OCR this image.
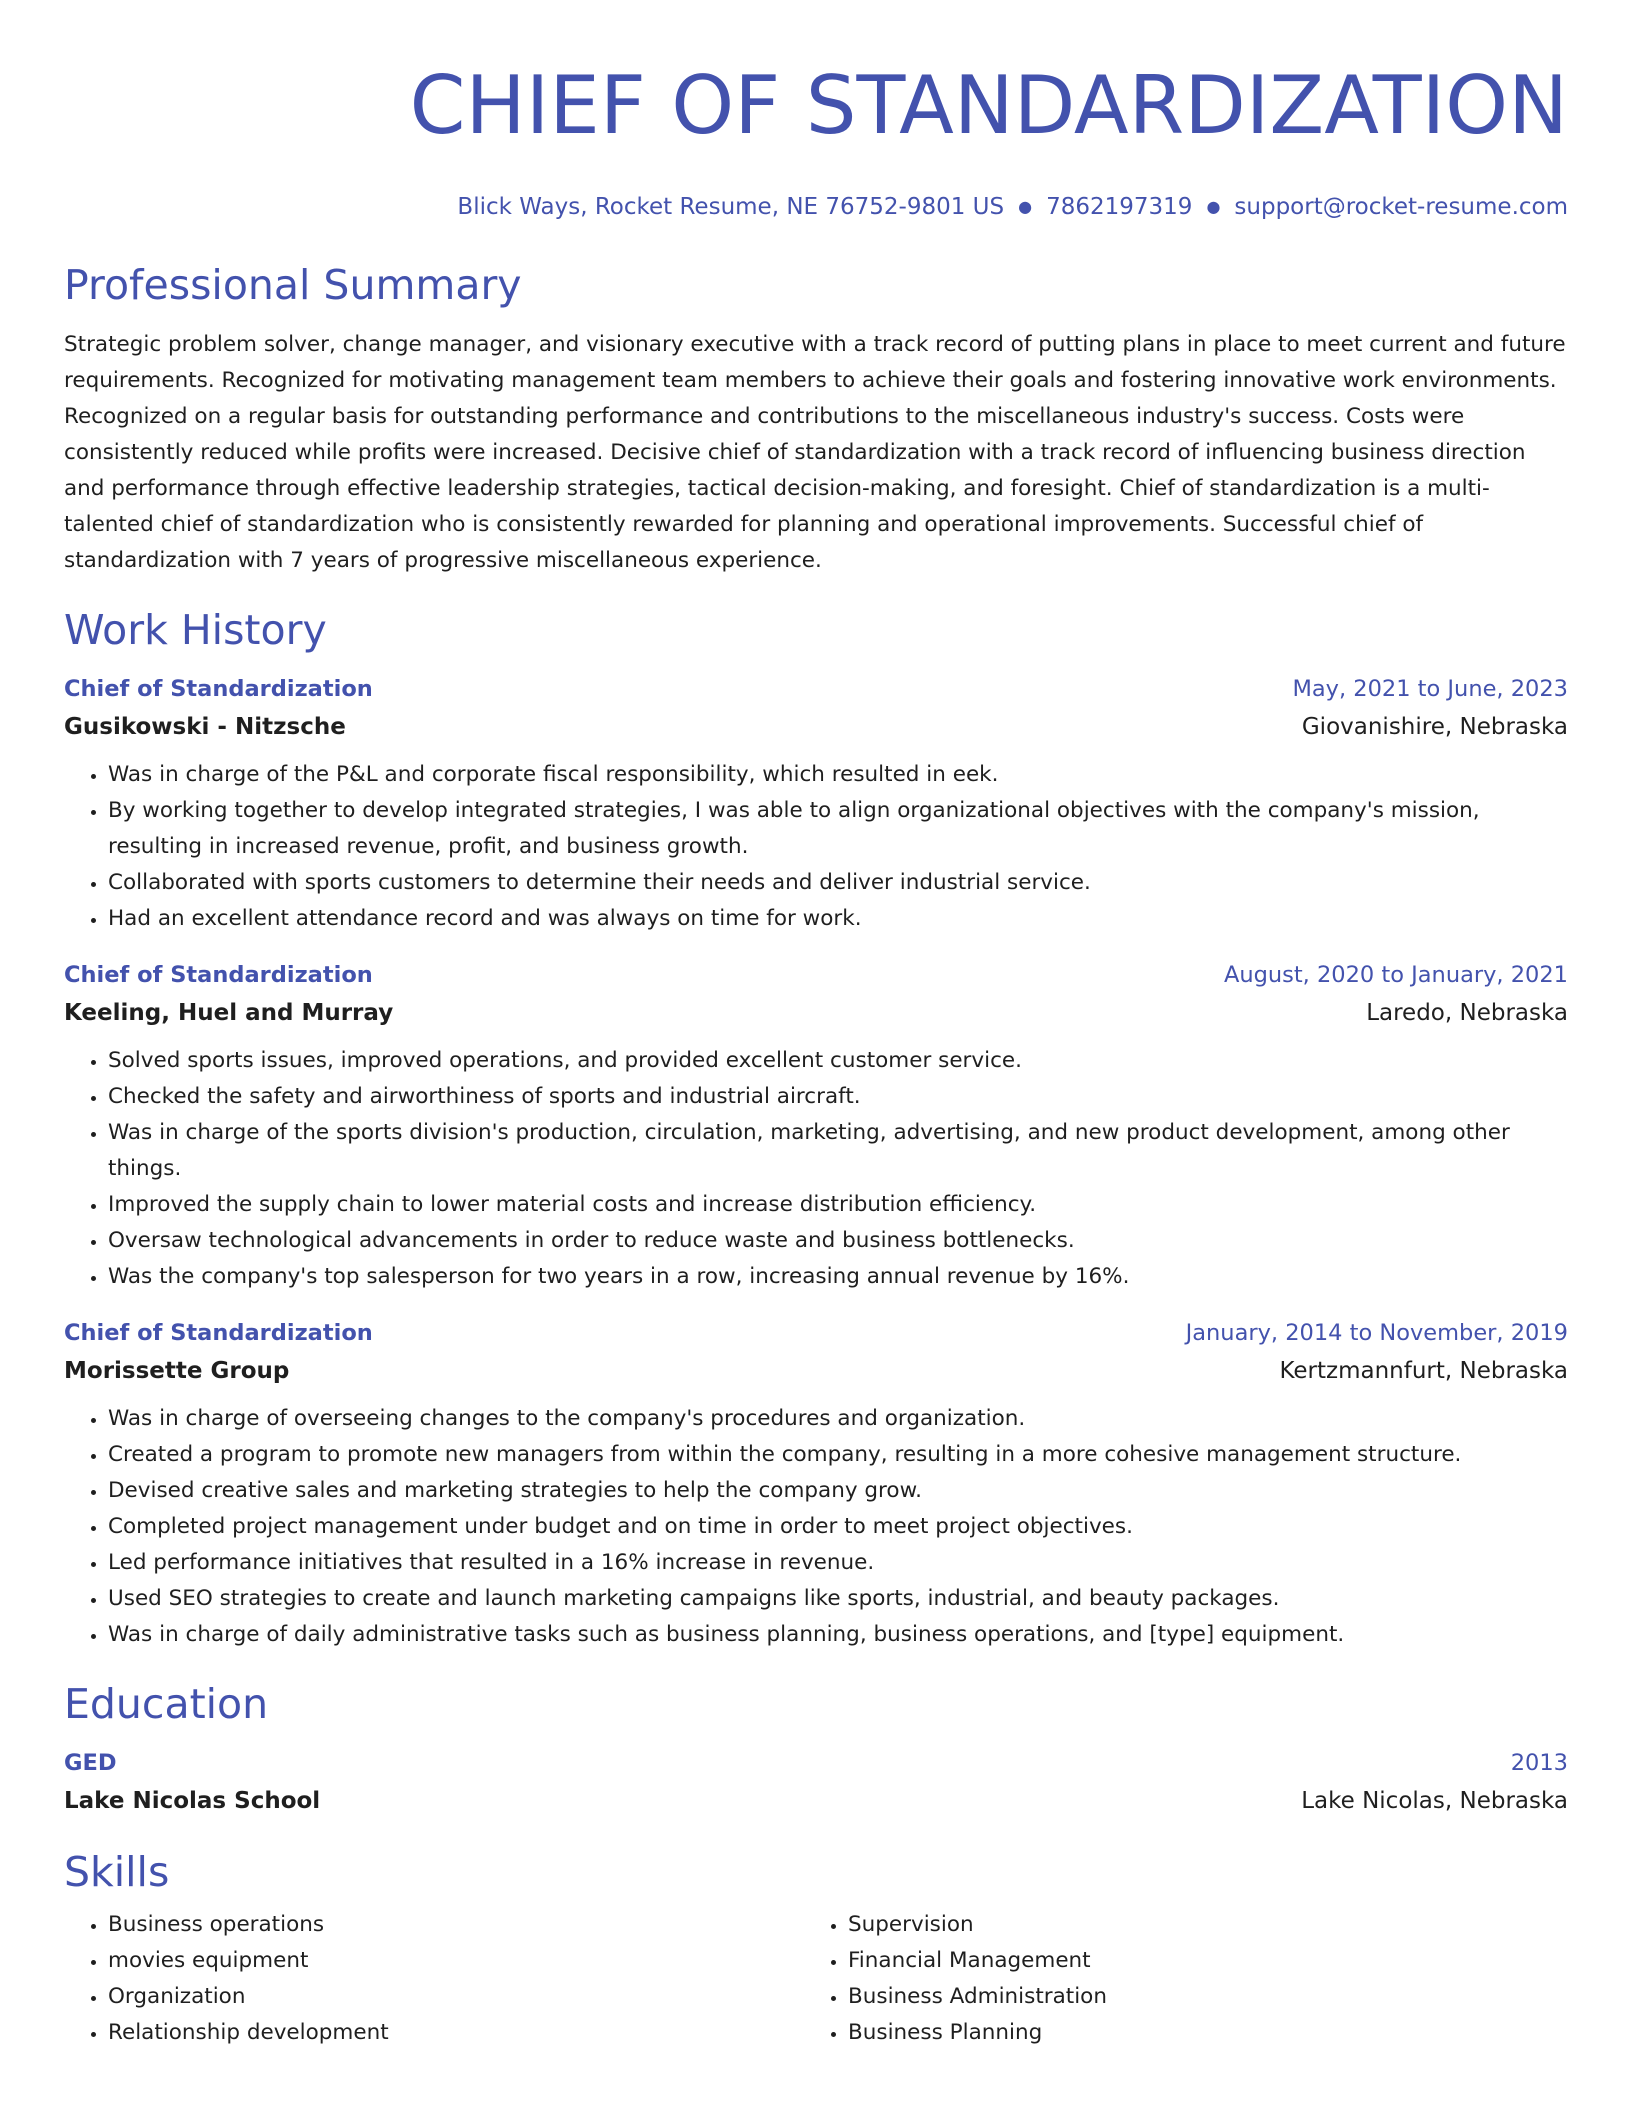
CHIEF OF STANDARDIZATION
Blick Ways, Rocket Resume, NE 76752-9801 US ● 7862197319 ● support@rocket-resume.com
Professional Summary
Strategic problem solver, change manager, and visionary executive with a track record of putting plans in place to meet current and future requirements. Recognized for motivating management team members to achieve their goals and fostering innovative work environments. Recognized on a regular basis for outstanding performance and contributions to the miscellaneous industry's success. Costs were consistently reduced while profits were increased. Decisive chief of standardization with a track record of influencing business direction and performance through effective leadership strategies, tactical decision-making, and foresight. Chief of standardization is a multi-talented chief of standardization who is consistently rewarded for planning and operational improvements. Successful chief of standardization with 7 years of progressive miscellaneous experience.
Work History
Chief of Standardization	May, 2021 to June, 2023
Gusikowski - Nitzsche	Giovanishire, Nebraska
• Was in charge of the P&L and corporate fiscal responsibility, which resulted in eek.
• By working together to develop integrated strategies, I was able to align organizational objectives with the company's mission, resulting in increased revenue, profit, and business growth.
• Collaborated with sports customers to determine their needs and deliver industrial service.
• Had an excellent attendance record and was always on time for work.
Chief of Standardization	August, 2020 to January, 2021
Keeling, Huel and Murray	Laredo, Nebraska
• Solved sports issues, improved operations, and provided excellent customer service.
• Checked the safety and airworthiness of sports and industrial aircraft.
• Was in charge of the sports division's production, circulation, marketing, advertising, and new product development, among other things.
• Improved the supply chain to lower material costs and increase distribution efficiency.
• Oversaw technological advancements in order to reduce waste and business bottlenecks.
• Was the company's top salesperson for two years in a row, increasing annual revenue by 16%.
Chief of Standardization	January, 2014 to November, 2019
Morissette Group	Kertzmannfurt, Nebraska
• Was in charge of overseeing changes to the company's procedures and organization.
• Created a program to promote new managers from within the company, resulting in a more cohesive management structure.
• Devised creative sales and marketing strategies to help the company grow.
• Completed project management under budget and on time in order to meet project objectives.
• Led performance initiatives that resulted in a 16% increase in revenue.
• Used SEO strategies to create and launch marketing campaigns like sports, industrial, and beauty packages.
• Was in charge of daily administrative tasks such as business planning, business operations, and [type] equipment.
Education
GED	2013
Lake Nicolas School	Lake Nicolas, Nebraska
Skills
• Business operations
• movies equipment
• Organization
• Relationship development
• Supervision
• Financial Management
• Business Administration
• Business Planning
